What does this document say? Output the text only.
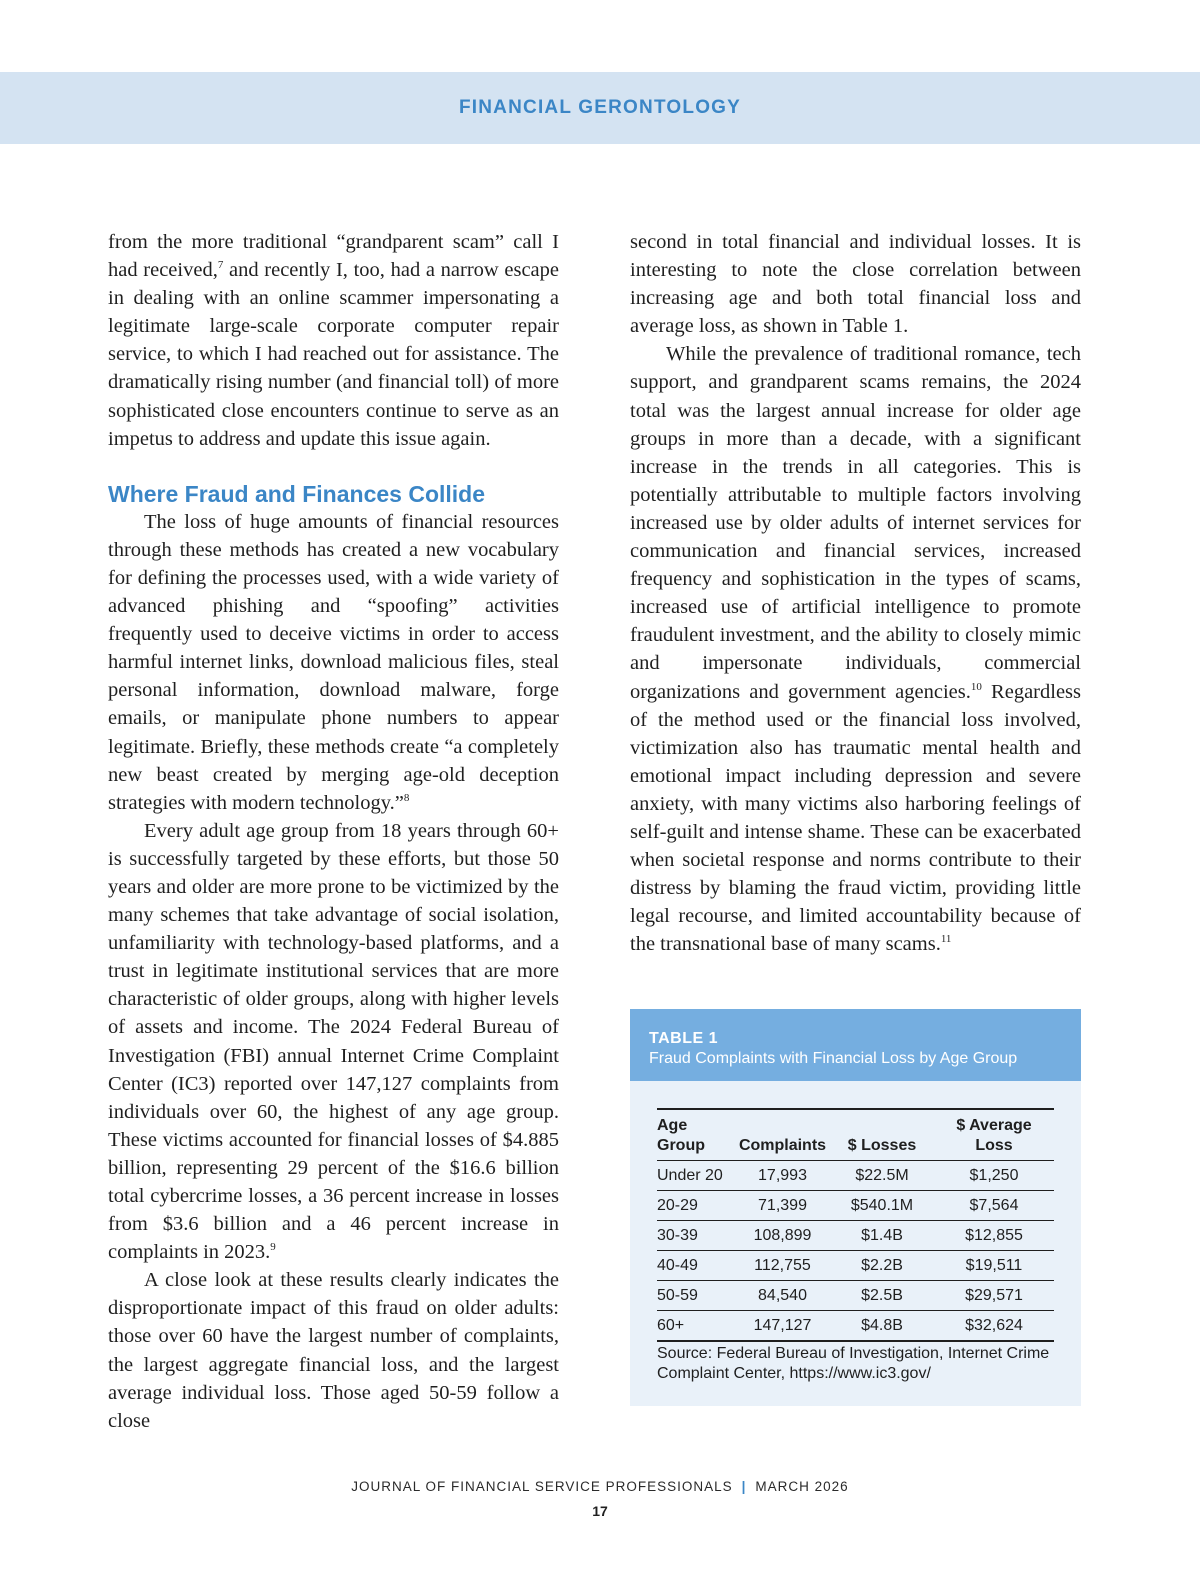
FINANCIAL GERONTOLOGY

from the more traditional “grandparent scam” call I had received,$^7$ and recently I, too, had a narrow escape in dealing with an online scammer impersonating a legitimate large-scale corporate computer repair service, to which I had reached out for assistance. The dramatically rising number (and financial toll) of more sophisticated close encounters continue to serve as an impetus to address and update this issue again.

Where Fraud and Finances Collide

The loss of huge amounts of financial resources through these methods has created a new vocabulary for defining the processes used, with a wide variety of advanced phishing and “spoofing” activities frequently used to deceive victims in order to access harmful internet links, download malicious files, steal personal information, download malware, forge emails, or manipulate phone numbers to appear legitimate. Briefly, these methods create “a completely new beast created by merging age-old deception strategies with modern technology.”$^8$

Every adult age group from 18 years through 60+ is successfully targeted by these efforts, but those 50 years and older are more prone to be victimized by the many schemes that take advantage of social isolation, unfamiliarity with technology-based platforms, and a trust in legitimate institutional services that are more characteristic of older groups, along with higher levels of assets and income. The 2024 Federal Bureau of Investigation (FBI) annual Internet Crime Complaint Center (IC3) reported over 147,127 complaints from individuals over 60, the highest of any age group. These victims accounted for financial losses of $4.885 billion, representing 29 percent of the $16.6 billion total cybercrime losses, a 36 percent increase in losses from $3.6 billion and a 46 percent increase in complaints in 2023.$^9$

A close look at these results clearly indicates the disproportionate impact of this fraud on older adults: those over 60 have the largest number of complaints, the largest aggregate financial loss, and the largest average individual loss. Those aged 50-59 follow a close

second in total financial and individual losses. It is interesting to note the close correlation between increasing age and both total financial loss and average loss, as shown in Table 1.

While the prevalence of traditional romance, tech support, and grandparent scams remains, the 2024 total was the largest annual increase for older age groups in more than a decade, with a significant increase in the trends in all categories. This is potentially attributable to multiple factors involving increased use by older adults of internet services for communication and financial services, increased frequency and sophistication in the types of scams, increased use of artificial intelligence to promote fraudulent investment, and the ability to closely mimic and impersonate individuals, commercial organizations and government agencies.$^{10}$ Regardless of the method used or the financial loss involved, victimization also has traumatic mental health and emotional impact including depression and severe anxiety, with many victims also harboring feelings of self-guilt and intense shame. These can be exacerbated when societal response and norms contribute to their distress by blaming the fraud victim, providing little legal recourse, and limited accountability because of the transnational base of many scams.$^{11}$

TABLE 1
Fraud Complaints with Financial Loss by Age Group
Age
Group	Complaints	$ Losses	$ Average
Loss
Under 20	17,993	$22.5M	$1,250
20-29	71,399	$540.1M	$7,564
30-39	108,899	$1.4B	$12,855
40-49	112,755	$2.2B	$19,511
50-59	84,540	$2.5B	$29,571
60+	147,127	$4.8B	$32,624
Source: Federal Bureau of Investigation, Internet Crime Complaint Center, https://www.ic3.gov/
JOURNAL OF FINANCIAL SERVICE PROFESSIONALS | MARCH 2026
17
